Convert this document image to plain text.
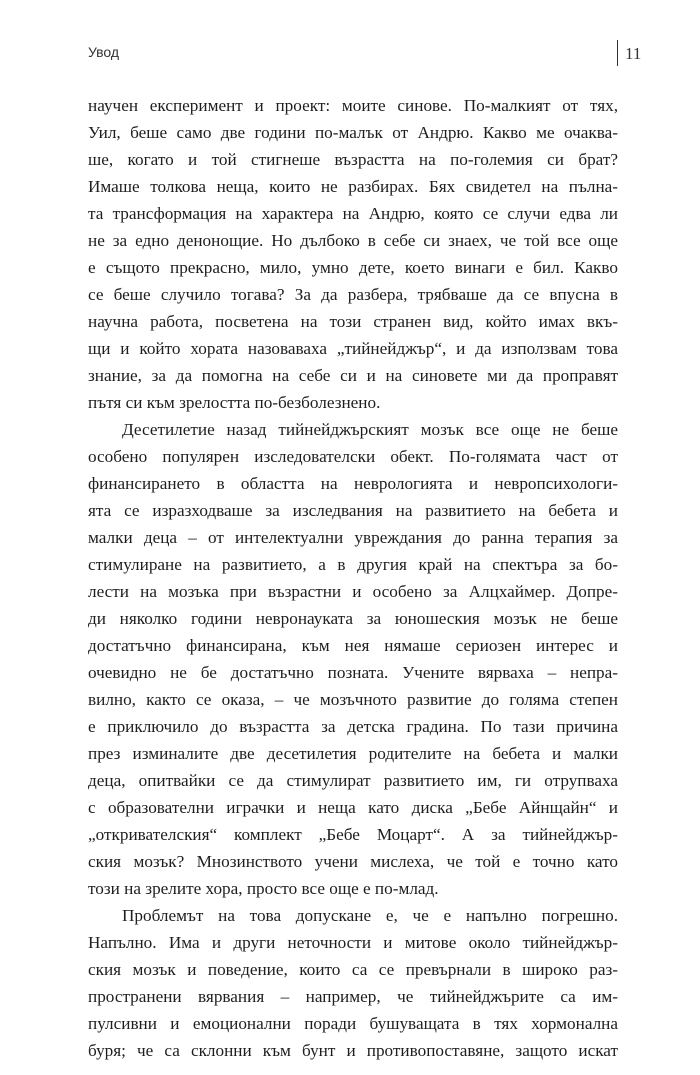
Увод	11
научен експеримент и проект: моите синове. По-малкият от тях,
Уил, беше само две години по-малък от Андрю. Какво ме очаква-
ше, когато и той стигнеше възрастта на по-големия си брат?
Имаше толкова неща, които не разбирах. Бях свидетел на пълна-
та трансформация на характера на Андрю, която се случи едва ли
не за едно денонощие. Но дълбоко в себе си знаех, че той все още
е същото прекрасно, мило, умно дете, което винаги е бил. Какво
се беше случило тогава? За да разбера, трябваше да се впусна в
научна работа, посветена на този странен вид, който имах вкъ-
щи и който хората назоваваха „тийнейджър“, и да използвам това
знание, за да помогна на себе си и на синовете ми да проправят
пътя си към зрелостта по-безболезнено.
Десетилетие назад тийнейджърският мозък все още не беше
особено популярен изследователски обект. По-голямата част от
финансирането в областта на неврологията и невропсихологи-
ята се изразходваше за изследвания на развитието на бебета и
малки деца – от интелектуални увреждания до ранна терапия за
стимулиране на развитието, а в другия край на спектъра за бо-
лести на мозъка при възрастни и особено за Алцхаймер. Допре-
ди няколко години невронауката за юношеския мозък не беше
достатъчно финансирана, към нея нямаше сериозен интерес и
очевидно не бе достатъчно позната. Учените вярваха – непра-
вилно, както се оказа, – че мозъчното развитие до голяма степен
е приключило до възрастта за детска градина. По тази причина
през изминалите две десетилетия родителите на бебета и малки
деца, опитвайки се да стимулират развитието им, ги отрупваха
с образователни играчки и неща като диска „Бебе Айнщайн“ и
„откривателския“ комплект „Бебе Моцарт“. А за тийнейджър-
ския мозък? Мнозинството учени мислеха, че той е точно като
този на зрелите хора, просто все още е по-млад.
Проблемът на това допускане е, че е напълно погрешно.
Напълно. Има и други неточности и митове около тийнейджър-
ския мозък и поведение, които са се превърнали в широко раз-
пространени вярвания – например, че тийнейджърите са им-
пулсивни и емоционални поради бушуващата в тях хормонална
буря; че са склонни към бунт и противопоставяне, защото искат
